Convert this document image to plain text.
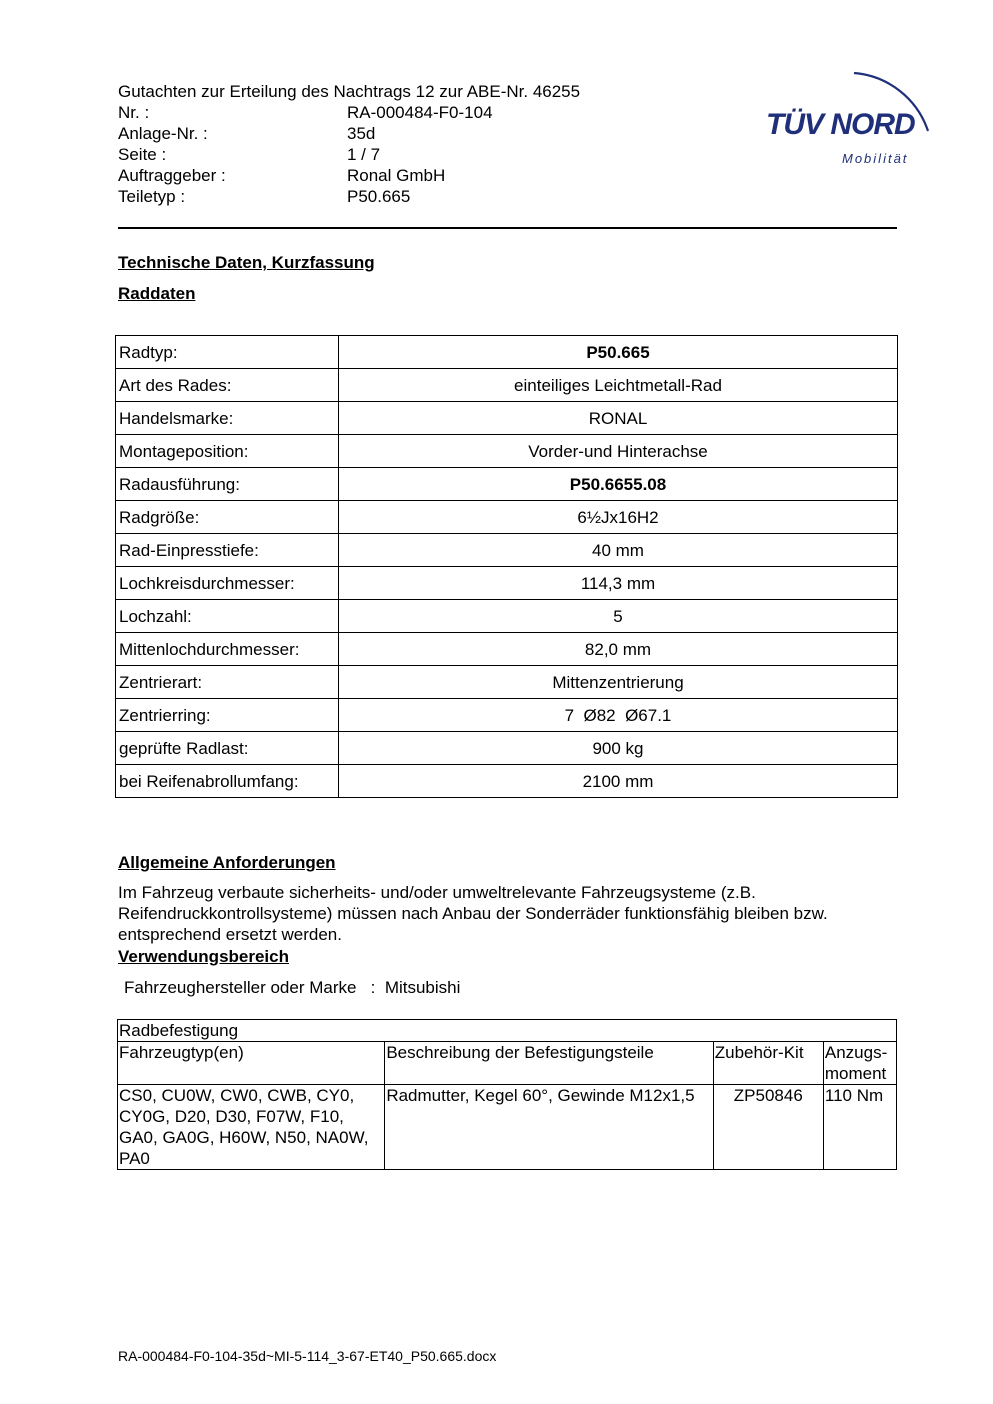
Gutachten zur Erteilung des Nachtrags 12 zur ABE-Nr. 46255
Nr. :	RA-000484-F0-104
Anlage-Nr. :	35d
Seite :	1 / 7
Auftraggeber :	Ronal GmbH
Teiletyp :	P50.665
TÜV NORD
Mobilität
Technische Daten, Kurzfassung
Raddaten
Radtyp:	P50.665
Art des Rades:	einteiliges Leichtmetall-Rad
Handelsmarke:	RONAL
Montageposition:	Vorder-und Hinterachse
Radausführung:	P50.6655.08
Radgröße:	6½Jx16H2
Rad-Einpresstiefe:	40 mm
Lochkreisdurchmesser:	114,3 mm
Lochzahl:	5
Mittenlochdurchmesser:	82,0 mm
Zentrierart:	Mittenzentrierung
Zentrierring:	7  Ø82  Ø67.1
geprüfte Radlast:	900 kg
bei Reifenabrollumfang:	2100 mm
Allgemeine Anforderungen
Im Fahrzeug verbaute sicherheits- und/oder umweltrelevante Fahrzeugsysteme (z.B. Reifendruckkontrollsysteme) müssen nach Anbau der Sonderräder funktionsfähig bleiben bzw. entsprechend ersetzt werden.
Verwendungsbereich
Fahrzeughersteller oder Marke : Mitsubishi
Radbefestigung			
Fahrzeugtyp(en)	Beschreibung der Befestigungsteile	Zubehör-Kit	Anzugs-
moment
CS0, CU0W, CW0, CWB, CY0, CY0G, D20, D30, F07W, F10, GA0, GA0G, H60W, N50, NA0W, PA0	Radmutter, Kegel 60°, Gewinde M12x1,5	ZP50846	110 Nm
RA-000484-F0-104-35d~MI-5-114_3-67-ET40_P50.665.docx
